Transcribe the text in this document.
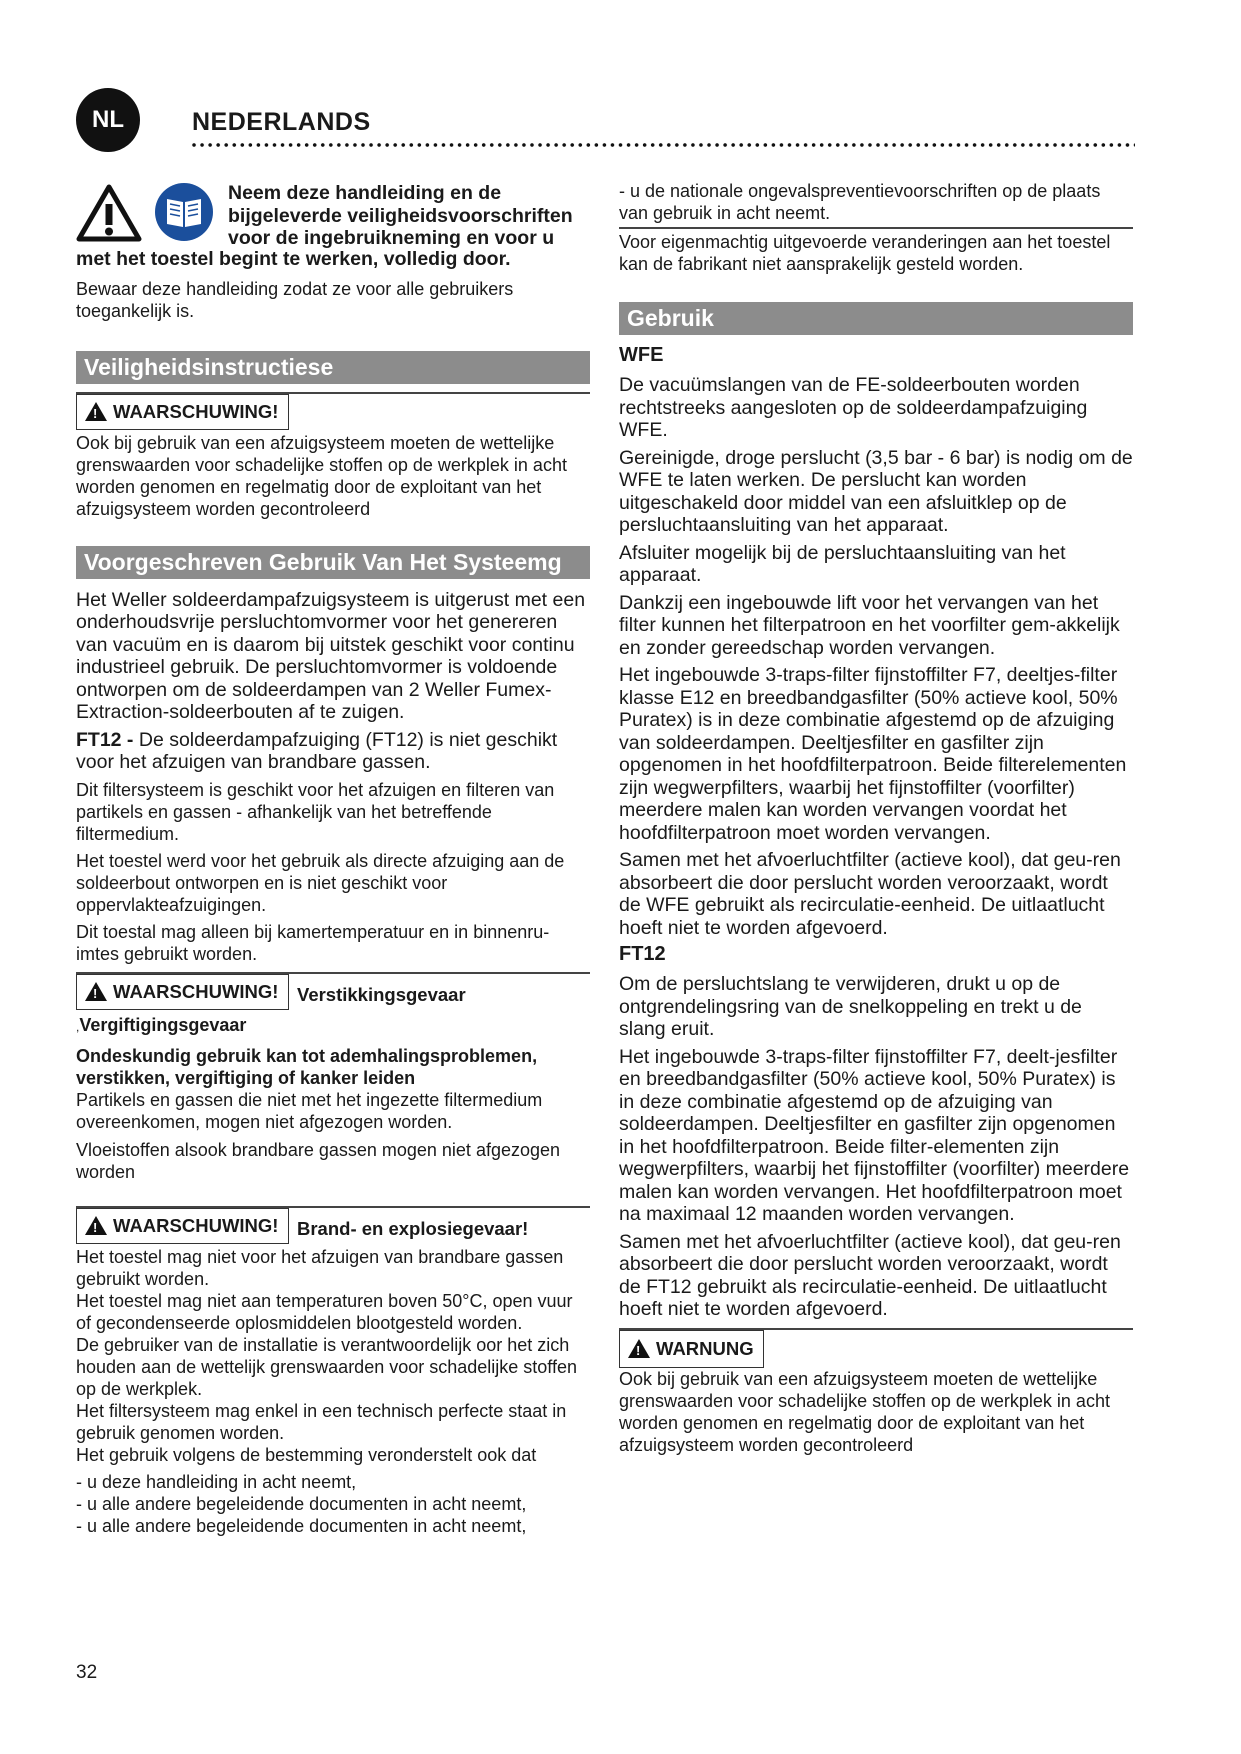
NL	NEDERLANDS
Neem deze handleiding en de
bijgeleverde veiligheidsvoorschriften
voor de ingebruikneming en voor u
met het toestel begint te werken, volledig door.

Bewaar deze handleiding zodat ze voor alle gebruikers toegankelijk is.

Veiligheidsinstructiese
!
WAARSCHUWING!

Ook bij gebruik van een afzuigsysteem moeten de wettelijke grenswaarden voor schadelijke stoffen op de werkplek in acht worden genomen en regelmatig door de exploitant van het afzuigsysteem worden gecontroleerd

Voorgeschreven Gebruik Van Het Systeemg

Het Weller soldeerdampafzuigsysteem is uitgerust met een onderhoudsvrije persluchtomvormer voor het genereren van vacuüm en is daarom bij uitstek geschikt voor continu industrieel gebruik. De persluchtomvormer is voldoende ontworpen om de soldeerdampen van 2 Weller Fumex-Extraction-soldeerbouten af te zuigen.

FT12 - De soldeerdampafzuiging (FT12) is niet geschikt voor het afzuigen van brandbare gassen.

Dit filtersysteem is geschikt voor het afzuigen en filteren van partikels en gassen - afhankelijk van het betreffende filtermedium.

Het toestel werd voor het gebruik als directe afzuiging aan de soldeerbout ontworpen en is niet geschikt voor oppervlakteafzuigingen.

Dit toestal mag alleen bij kamertemperatuur en in binnenru-imtes gebruikt worden.

!
WAARSCHUWING! Verstikkingsgevaar

,Vergiftigingsgevaar

Ondeskundig gebruik kan tot ademhalingsproblemen, verstikken, vergiftiging of kanker leiden

Partikels en gassen die niet met het ingezette filtermedium overeenkomen, mogen niet afgezogen worden.

Vloeistoffen alsook brandbare gassen mogen niet afgezogen worden

!
WAARSCHUWING! Brand- en explosiegevaar!

Het toestel mag niet voor het afzuigen van brandbare gassen gebruikt worden.

Het toestel mag niet aan temperaturen boven 50°C, open vuur of gecondenseerde oplosmiddelen blootgesteld worden.

De gebruiker van de installatie is verantwoordelijk oor het zich houden aan de wettelijk grenswaarden voor schadelijke stoffen op de werkplek.

Het filtersysteem mag enkel in een technisch perfecte staat in gebruik genomen worden.

Het gebruik volgens de bestemming veronderstelt ook dat

- u deze handleiding in acht neemt,
- u alle andere begeleidende documenten in acht neemt,
- u alle andere begeleidende documenten in acht neemt,

- u de nationale ongevalspreventievoorschriften op de plaats van gebruik in acht neemt.

Voor eigenmachtig uitgevoerde veranderingen aan het toestel kan de fabrikant niet aansprakelijk gesteld worden.

Gebruik
WFE

De vacuümslangen van de FE-soldeerbouten worden rechtstreeks aangesloten op de soldeerdampafzuiging WFE.

Gereinigde, droge perslucht (3,5 bar - 6 bar) is nodig om de WFE te laten werken. De perslucht kan worden uitgeschakeld door middel van een afsluitklep op de persluchtaansluiting van het apparaat.

Afsluiter mogelijk bij de persluchtaansluiting van het apparaat.

Dankzij een ingebouwde lift voor het vervangen van het filter kunnen het filterpatroon en het voorfilter gem-akkelijk en zonder gereedschap worden vervangen.

Het ingebouwde 3-traps-filter fijnstoffilter F7, deeltjes-filter klasse E12 en breedbandgasfilter (50% actieve kool, 50% Puratex) is in deze combinatie afgestemd op de afzuiging van soldeerdampen. Deeltjesfilter en gasfilter zijn opgenomen in het hoofdfilterpatroon. Beide filterelementen zijn wegwerpfilters, waarbij het fijnstoffilter (voorfilter) meerdere malen kan worden vervangen voordat het hoofdfilterpatroon moet worden vervangen.

Samen met het afvoerluchtfilter (actieve kool), dat geu-ren absorbeert die door perslucht worden veroorzaakt, wordt de WFE gebruikt als recirculatie-eenheid. De uitlaatlucht hoeft niet te worden afgevoerd.

FT12

Om de persluchtslang te verwijderen, drukt u op de ontgrendelingsring van de snelkoppeling en trekt u de slang eruit.

Het ingebouwde 3-traps-filter fijnstoffilter F7, deelt-jesfilter en breedbandgasfilter (50% actieve kool, 50% Puratex) is in deze combinatie afgestemd op de afzuiging van soldeerdampen. Deeltjesfilter en gasfilter zijn opgenomen in het hoofdfilterpatroon. Beide filter-elementen zijn wegwerpfilters, waarbij het fijnstoffilter (voorfilter) meerdere malen kan worden vervangen. Het hoofdfilterpatroon moet na maximaal 12 maanden worden vervangen.

Samen met het afvoerluchtfilter (actieve kool), dat geu-ren absorbeert die door perslucht worden veroorzaakt, wordt de FT12 gebruikt als recirculatie-eenheid. De uitlaatlucht hoeft niet te worden afgevoerd.

!
WARNUNG

Ook bij gebruik van een afzuigsysteem moeten de wettelijke grenswaarden voor schadelijke stoffen op de werkplek in acht worden genomen en regelmatig door de exploitant van het afzuigsysteem worden gecontroleerd

32
